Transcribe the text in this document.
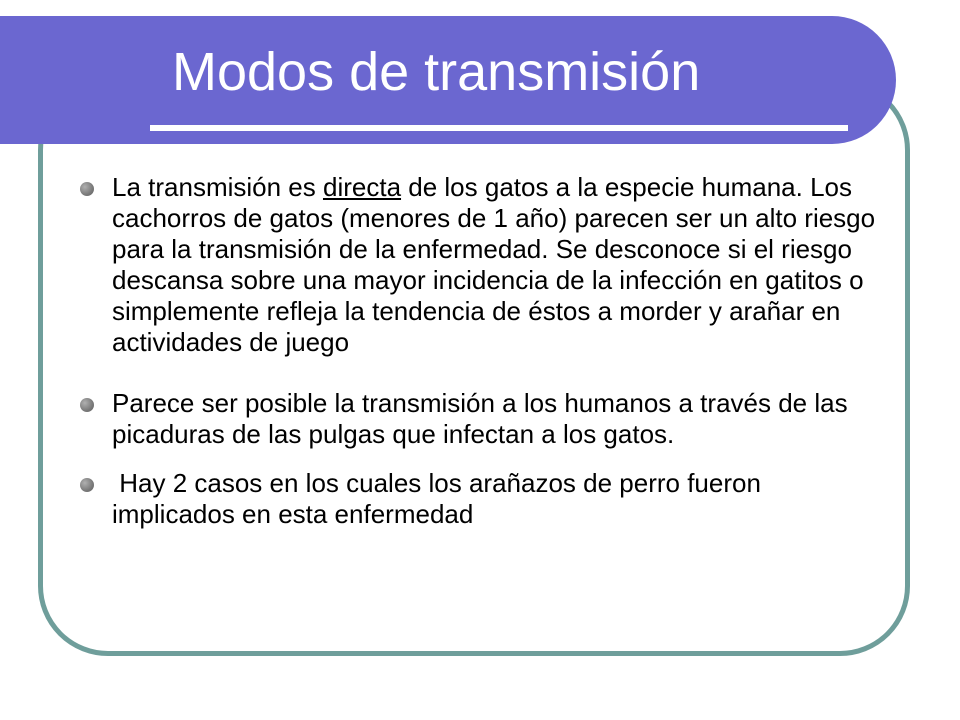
Modos de transmisión
La transmisión es directa de los gatos a la especie humana. Los cachorros de gatos (menores de 1 año) parecen ser un alto riesgo para la transmisión de la enfermedad. Se desconoce si el riesgo descansa sobre una mayor incidencia de la infección en gatitos o simplemente refleja la tendencia de éstos a morder y arañar en actividades de juego
Parece ser posible la transmisión a los humanos a través de las picaduras de las pulgas que infectan a los gatos.
Hay 2 casos en los cuales los arañazos de perro fueron implicados en esta enfermedad
